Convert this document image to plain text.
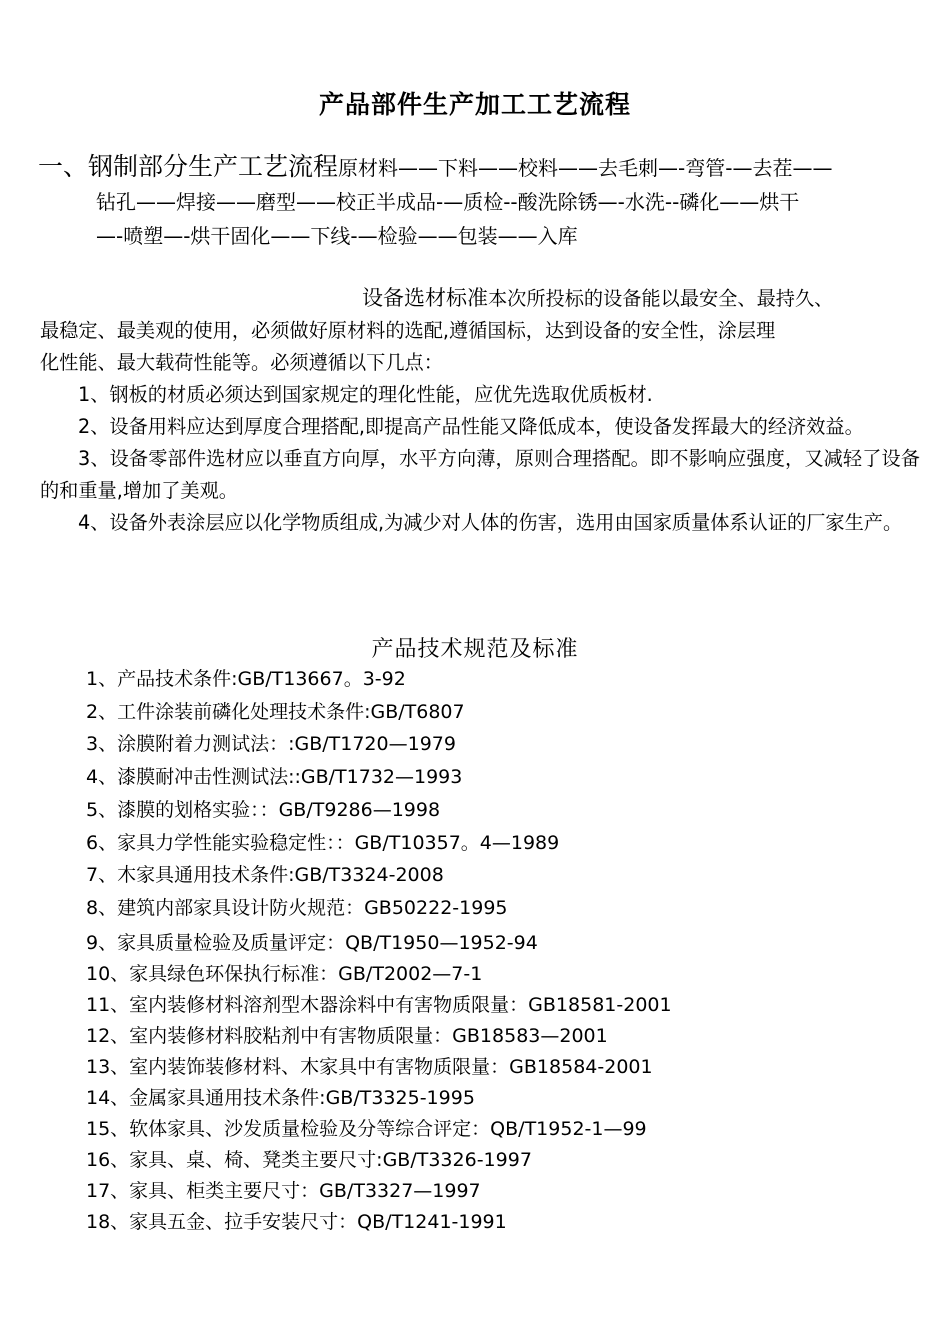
产品部件生产加工工艺流程
一、钢制部分生产工艺流程原材料——下料——校料——去毛刺—-弯管-—去茬——
钻孔——焊接——磨型——校正半成品-—质检--酸洗除锈—-水洗--磷化——烘干
—-喷塑—-烘干固化——下线-—检验——包装——入库
设备选材标准本次所投标的设备能以最安全、最持久、
最稳定、最美观的使用，必须做好原材料的选配,遵循国标，达到设备的安全性，涂层理
化性能、最大载荷性能等。必须遵循以下几点：
1、钢板的材质必须达到国家规定的理化性能，应优先选取优质板材.
2、设备用料应达到厚度合理搭配,即提高产品性能又降低成本，使设备发挥最大的经济效益。
3、设备零部件选材应以垂直方向厚，水平方向薄，原则合理搭配。即不影响应强度，又减轻了设备的和重量,增加了美观。
4、设备外表涂层应以化学物质组成,为减少对人体的伤害，选用由国家质量体系认证的厂家生产。
产品技术规范及标准
1、产品技术条件:GB/T13667。3-92
2、工件涂装前磷化处理技术条件:GB/T6807
3、涂膜附着力测试法：:GB/T1720—1979
4、漆膜耐冲击性测试法::GB/T1732—1993
5、漆膜的划格实验：：GB/T9286—1998
6、家具力学性能实验稳定性：：GB/T10357。4—1989
7、木家具通用技术条件:GB/T3324-2008
8、建筑内部家具设计防火规范：GB50222-1995
9、家具质量检验及质量评定：QB/T1950—1952-94
10、家具绿色环保执行标准：GB/T2002—7-1
11、室内装修材料溶剂型木器涂料中有害物质限量：GB18581-2001
12、室内装修材料胶粘剂中有害物质限量：GB18583—2001
13、室内装饰装修材料、木家具中有害物质限量：GB18584-2001
14、金属家具通用技术条件:GB/T3325-1995
15、软体家具、沙发质量检验及分等综合评定：QB/T1952-1—99
16、家具、桌、椅、凳类主要尺寸:GB/T3326-1997
17、家具、柜类主要尺寸：GB/T3327—1997
18、家具五金、拉手安装尺寸：QB/T1241-1991
